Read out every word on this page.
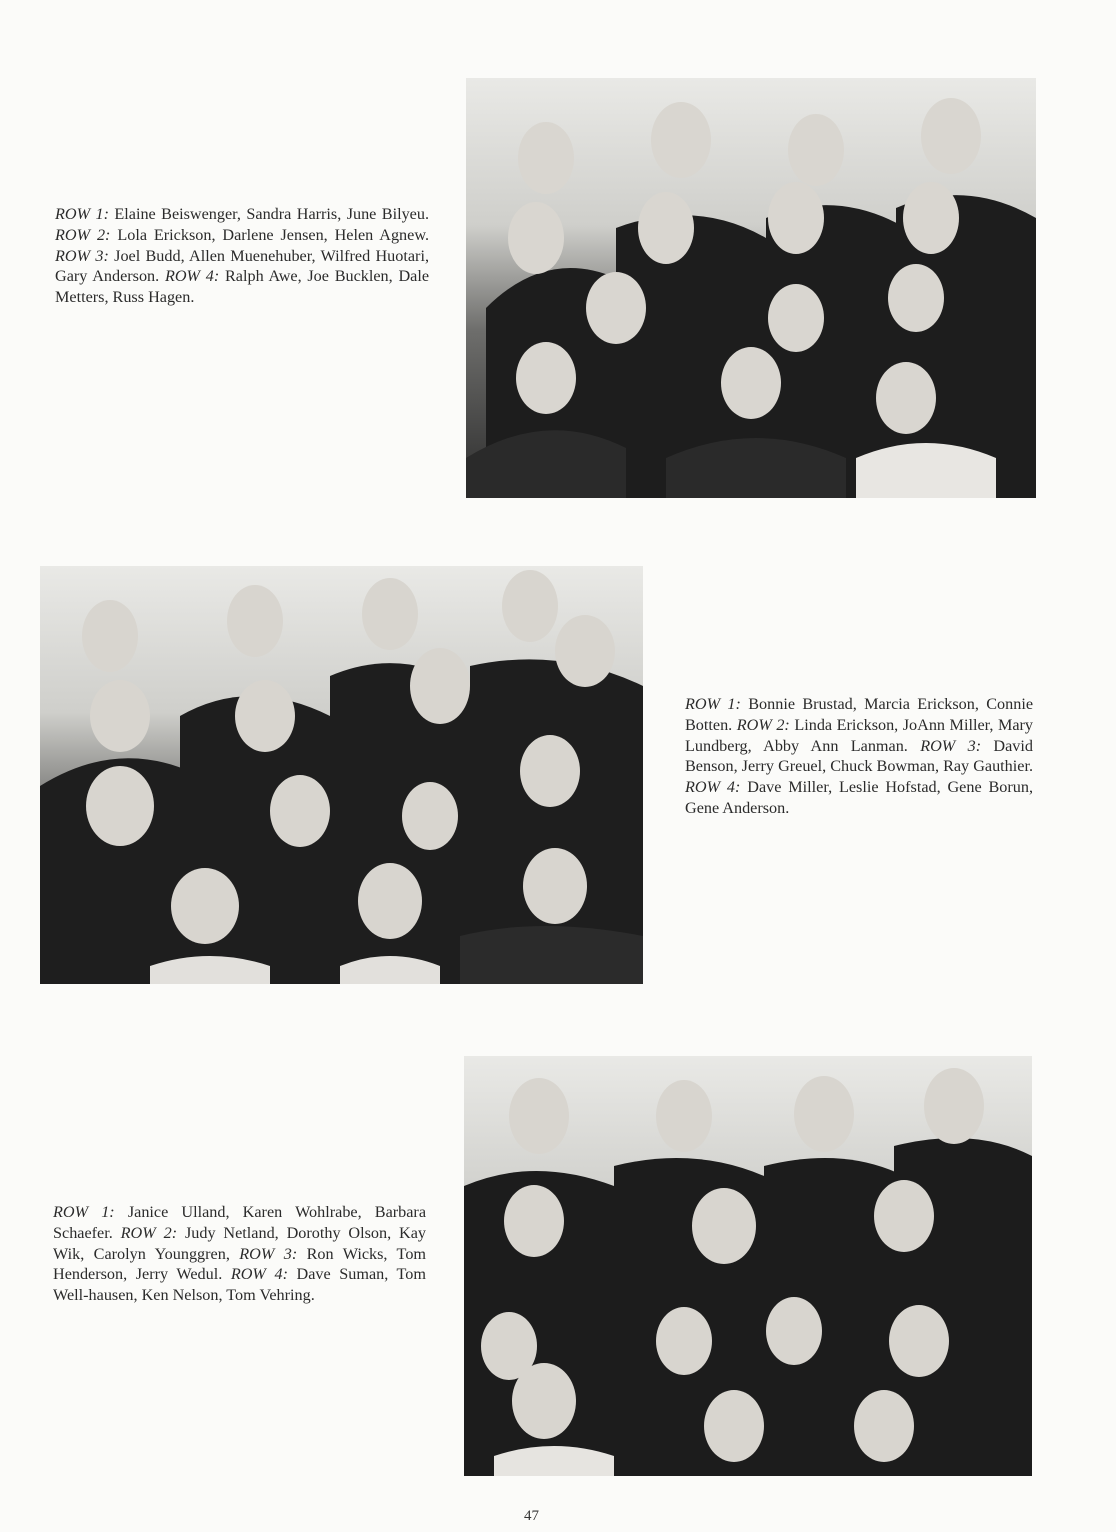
ROW 1: Elaine Beiswenger, Sandra Harris, June Bilyeu. ROW 2: Lola Erickson, Darlene Jensen, Helen Agnew. ROW 3: Joel Budd, Allen Muenehuber, Wilfred Huotari, Gary Anderson. ROW 4: Ralph Awe, Joe Bucklen, Dale Metters, Russ Hagen.
ROW 1: Bonnie Brustad, Marcia Erickson, Connie Botten. ROW 2: Linda Erickson, JoAnn Miller, Mary Lundberg, Abby Ann Lanman. ROW 3: David Benson, Jerry Greuel, Chuck Bowman, Ray Gauthier. ROW 4: Dave Miller, Leslie Hofstad, Gene Borun, Gene Anderson.
ROW 1: Janice Ulland, Karen Wohlrabe, Barbara Schaefer. ROW 2: Judy Netland, Dorothy Olson, Kay Wik, Carolyn Younggren, ROW 3: Ron Wicks, Tom Henderson, Jerry Wedul. ROW 4: Dave Suman, Tom Well-hausen, Ken Nelson, Tom Vehring.
47
